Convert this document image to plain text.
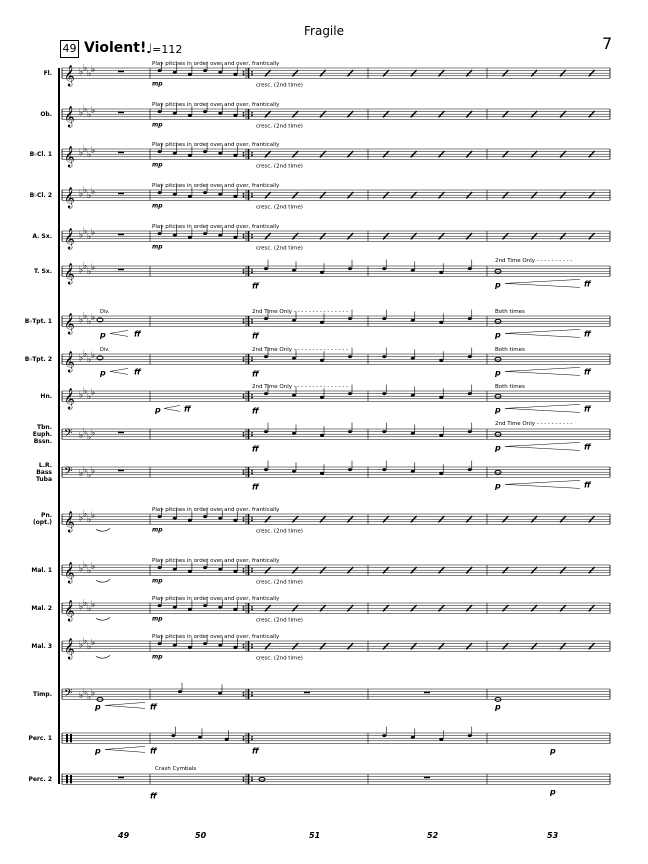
Fragile
7
49 Violent! ♩=112
𝄞 ♭ ♭
♭ ♭
𝄞 ♭ ♭
♭ ♭
𝄞 ♭ ♭
♭ ♭
𝄞 ♭ ♭
♭ ♭
𝄞 ♭ ♭
♭ ♭
𝄞 ♭ ♭
♭ ♭
𝄞 ♭ ♭
♭ ♭
𝄞 ♭ ♭
♭ ♭
𝄞 ♭ ♭
♭ ♭
𝄢 ♭ ♭
♭ ♭
𝄢 ♭ ♭
♭ ♭
𝄞 ♭ ♭
♭ ♭
𝄞 ♭ ♭
♭ ♭
𝄞 ♭ ♭
♭ ♭
𝄞 ♭ ♭
♭ ♭
𝄢 ♭ ♭
♭ ♭
Play pitches in order over and over, frantically
mp	cresc. (2nd time)
Play pitches in order over and over, frantically
mp	cresc. (2nd time)
Play pitches in order over and over, frantically
mp	cresc. (2nd time)
Play pitches in order over and over, frantically
mp	cresc. (2nd time)
Play pitches in order over and over, frantically
mp	cresc. (2nd time)
Play pitches in order over and over, frantically
mp	cresc. (2nd time)
Play pitches in order over and over, frantically
mp	cresc. (2nd time)
Play pitches in order over and over, frantically
mp	cresc. (2nd time)
Play pitches in order over and over, frantically
mp	cresc. (2nd time)
ff	p	ff
2nd Time Only - - - - - - - - - -
Div.
p	ff	ff	p	ff
2nd Time Only - - - - - - - - - - - - - - -	Both times
Div.
p	ff	ff	p	ff
2nd Time Only - - - - - - - - - - - - - - -	Both times
p	ff	ff	p	ff
2nd Time Only - - - - - - - - - - - - - - -	Both times
ff	p	ff
2nd Time Only - - - - - - - - - -
ff	p	ff
p	ff	p
p	ff	ff	p
Crash Cymbals
ff	p
49	50	51	52	53
Fl.
Ob.
B♭Cl. 1
B♭Cl. 2
A. Sx.
T. Sx.
B♭Tpt. 1
B♭Tpt. 2
Hn.
Tbn.
Euph.
Bssn.
L.R.
Bass
Tuba
Pn.
(opt.)
Mal. 1
Mal. 2
Mal. 3
Timp.
Perc. 1
Perc. 2
